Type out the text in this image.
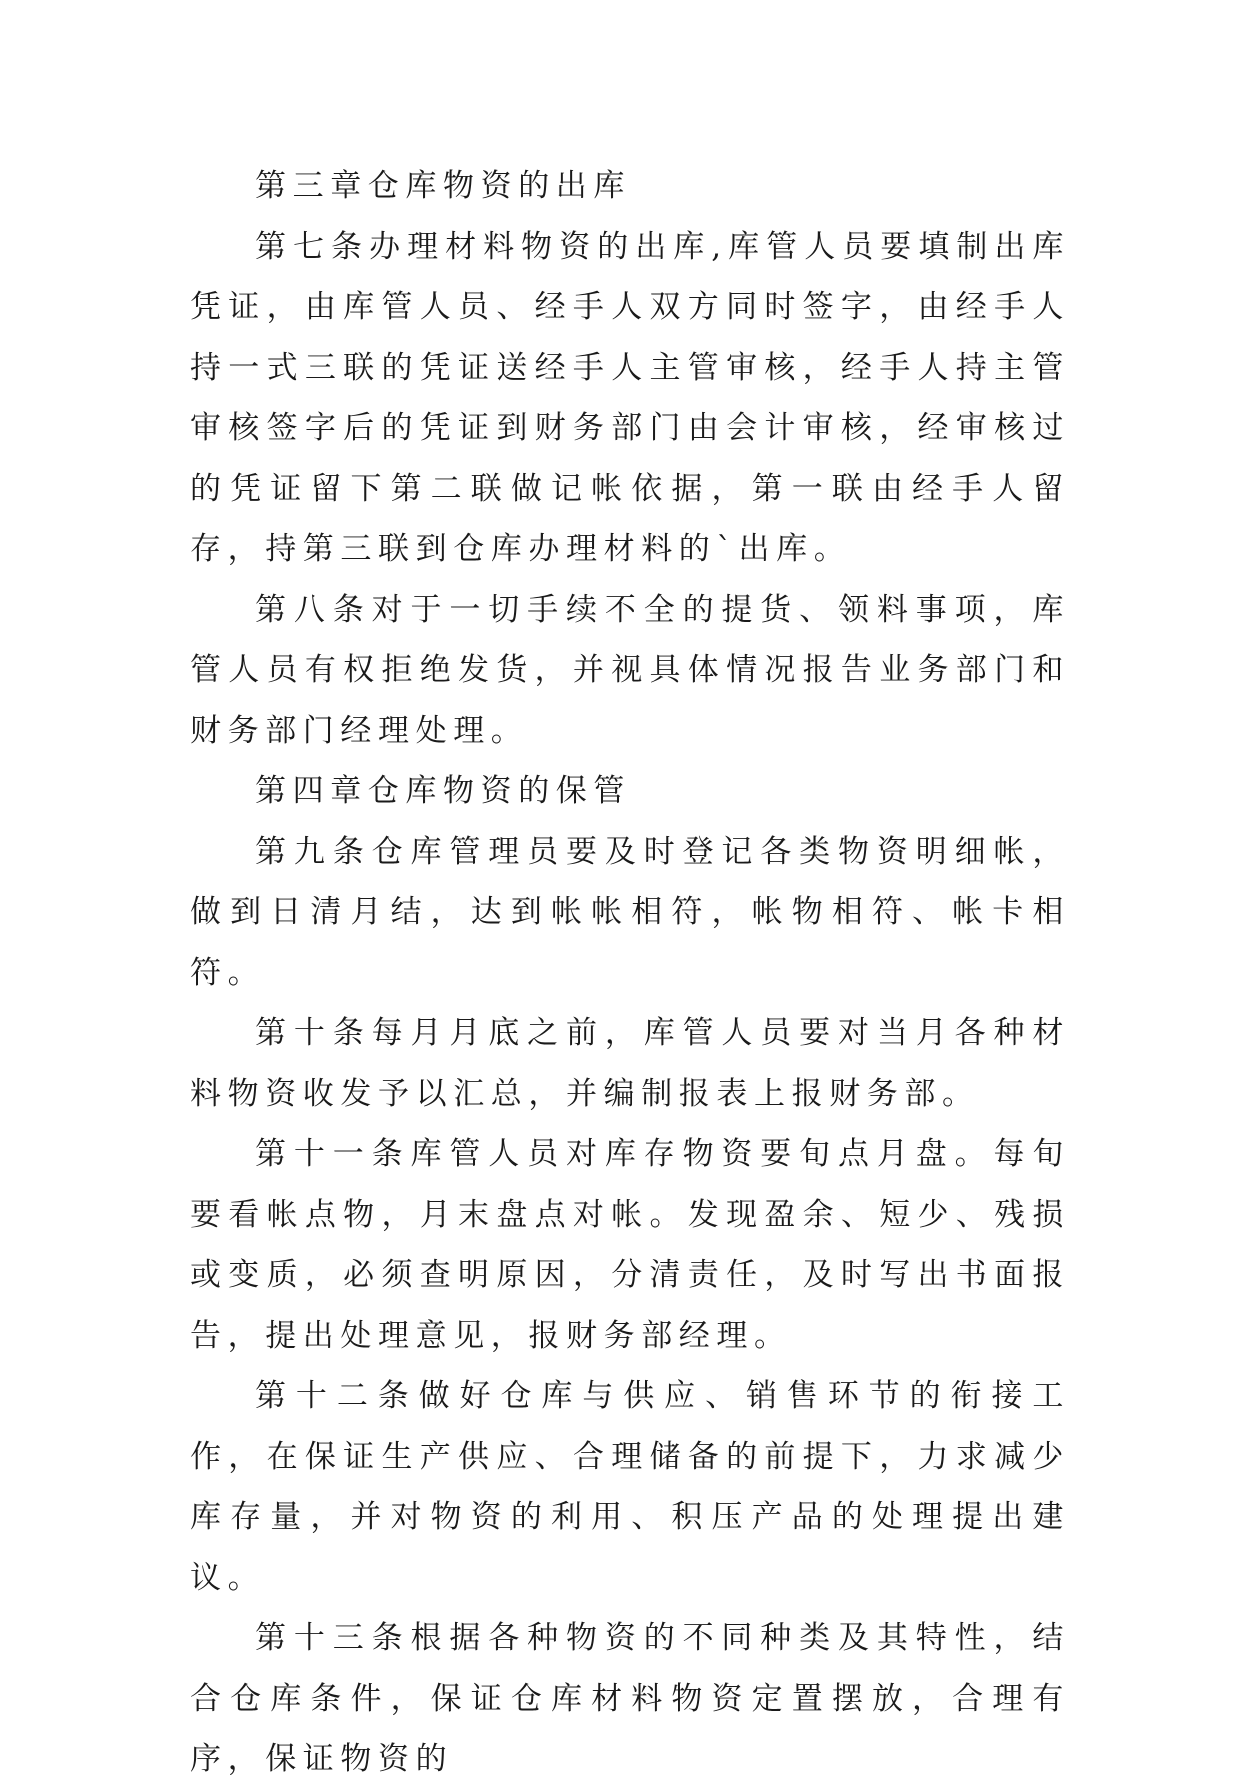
第三章仓库物资的出库

第七条办理材料物资的出库,库管人员要填制出库凭证，由库管人员、经手人双方同时签字，由经手人持一式三联的凭证送经手人主管审核，经手人持主管审核签字后的凭证到财务部门由会计审核，经审核过的凭证留下第二联做记帐依据，第一联由经手人留存，持第三联到仓库办理材料的`出库。

第八条对于一切手续不全的提货、领料事项，库管人员有权拒绝发货，并视具体情况报告业务部门和财务部门经理处理。

第四章仓库物资的保管

第九条仓库管理员要及时登记各类物资明细帐，做到日清月结，达到帐帐相符，帐物相符、帐卡相符。

第十条每月月底之前，库管人员要对当月各种材料物资收发予以汇总，并编制报表上报财务部。

第十一条库管人员对库存物资要旬点月盘。每旬要看帐点物，月末盘点对帐。发现盈余、短少、残损或变质，必须查明原因，分清责任，及时写出书面报告，提出处理意见，报财务部经理。

第十二条做好仓库与供应、销售环节的衔接工作，在保证生产供应、合理储备的前提下，力求减少库存量，并对物资的利用、积压产品的处理提出建议。

第十三条根据各种物资的不同种类及其特性，结合仓库条件，保证仓库材料物资定置摆放，合理有序，保证物资的
